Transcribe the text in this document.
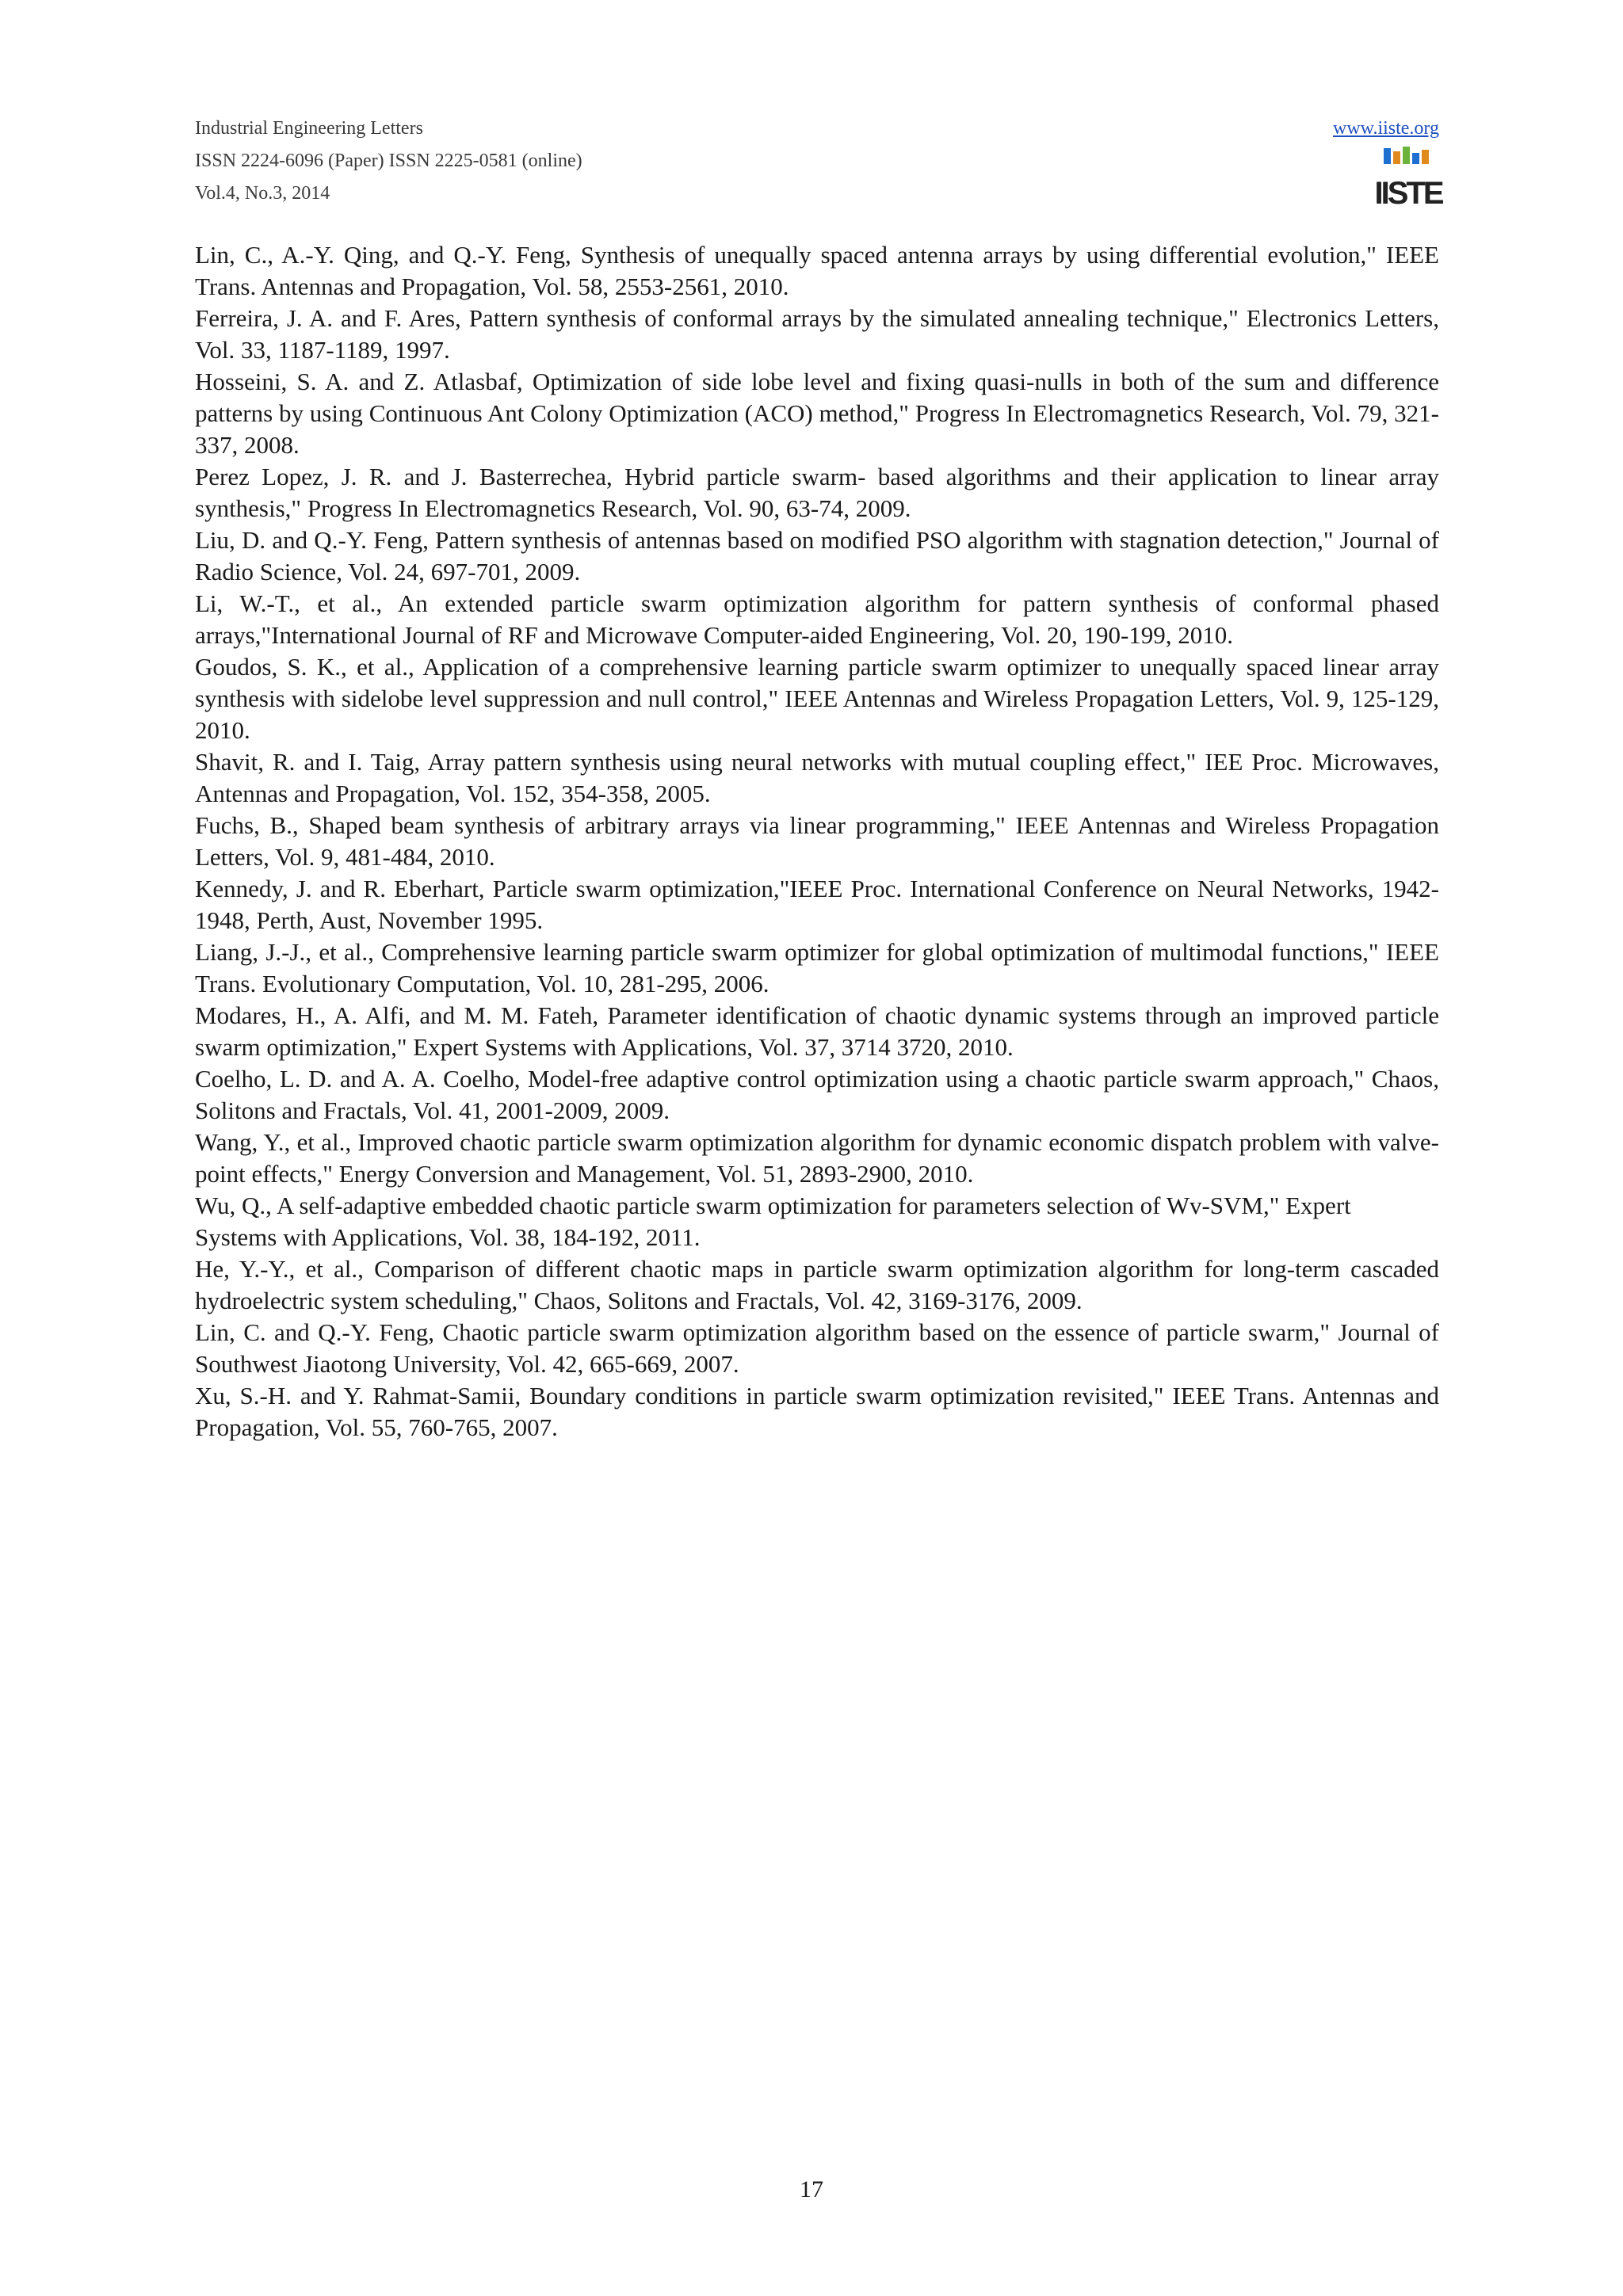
Industrial Engineering Letters
ISSN 2224-6096 (Paper) ISSN 2225-0581 (online)
Vol.4, No.3, 2014
www.iiste.org
IISTE

Lin, C., A.-Y. Qing, and Q.-Y. Feng, Synthesis of unequally spaced antenna arrays by using differential evolution," IEEE Trans. Antennas and Propagation, Vol. 58, 2553-2561, 2010.

Ferreira, J. A. and F. Ares, Pattern synthesis of conformal arrays by the simulated annealing technique," Electronics Letters, Vol. 33, 1187-1189, 1997.

Hosseini, S. A. and Z. Atlasbaf, Optimization of side lobe level and fixing quasi-nulls in both of the sum and difference patterns by using Continuous Ant Colony Optimization (ACO) method," Progress In Electromagnetics Research, Vol. 79, 321-337, 2008.

Perez Lopez, J. R. and J. Basterrechea, Hybrid particle swarm- based algorithms and their application to linear array synthesis," Progress In Electromagnetics Research, Vol. 90, 63-74, 2009.

Liu, D. and Q.-Y. Feng, Pattern synthesis of antennas based on modified PSO algorithm with stagnation detection," Journal of Radio Science, Vol. 24, 697-701, 2009.

Li, W.-T., et al., An extended particle swarm optimization algorithm for pattern synthesis of conformal phased arrays,"International Journal of RF and Microwave Computer-aided Engineering, Vol. 20, 190-199, 2010.

Goudos, S. K., et al., Application of a comprehensive learning particle swarm optimizer to unequally spaced linear array synthesis with sidelobe level suppression and null control," IEEE Antennas and Wireless Propagation Letters, Vol. 9, 125-129, 2010.

Shavit, R. and I. Taig, Array pattern synthesis using neural networks with mutual coupling effect," IEE Proc. Microwaves, Antennas and Propagation, Vol. 152, 354-358, 2005.

Fuchs, B., Shaped beam synthesis of arbitrary arrays via linear programming," IEEE Antennas and Wireless Propagation Letters, Vol. 9, 481-484, 2010.

Kennedy, J. and R. Eberhart, Particle swarm optimization,"IEEE Proc. International Conference on Neural Networks, 1942-1948, Perth, Aust, November 1995.

Liang, J.-J., et al., Comprehensive learning particle swarm optimizer for global optimization of multimodal functions," IEEE Trans. Evolutionary Computation, Vol. 10, 281-295, 2006.

Modares, H., A. Alfi, and M. M. Fateh, Parameter identification of chaotic dynamic systems through an improved particle swarm optimization," Expert Systems with Applications, Vol. 37, 3714 3720, 2010.

Coelho, L. D. and A. A. Coelho, Model-free adaptive control optimization using a chaotic particle swarm approach," Chaos, Solitons and Fractals, Vol. 41, 2001-2009, 2009.

Wang, Y., et al., Improved chaotic particle swarm optimization algorithm for dynamic economic dispatch problem with valve- point effects," Energy Conversion and Management, Vol. 51, 2893-2900, 2010.

Wu, Q., A self-adaptive embedded chaotic particle swarm optimization for parameters selection of Wv-SVM," Expert

Systems with Applications, Vol. 38, 184-192, 2011.

He, Y.-Y., et al., Comparison of different chaotic maps in particle swarm optimization algorithm for long-term cascaded hydroelectric system scheduling," Chaos, Solitons and Fractals, Vol. 42, 3169-3176, 2009.

Lin, C. and Q.-Y. Feng, Chaotic particle swarm optimization algorithm based on the essence of particle swarm," Journal of Southwest Jiaotong University, Vol. 42, 665-669, 2007.

Xu, S.-H. and Y. Rahmat-Samii, Boundary conditions in particle swarm optimization revisited," IEEE Trans. Antennas and Propagation, Vol. 55, 760-765, 2007.

17
